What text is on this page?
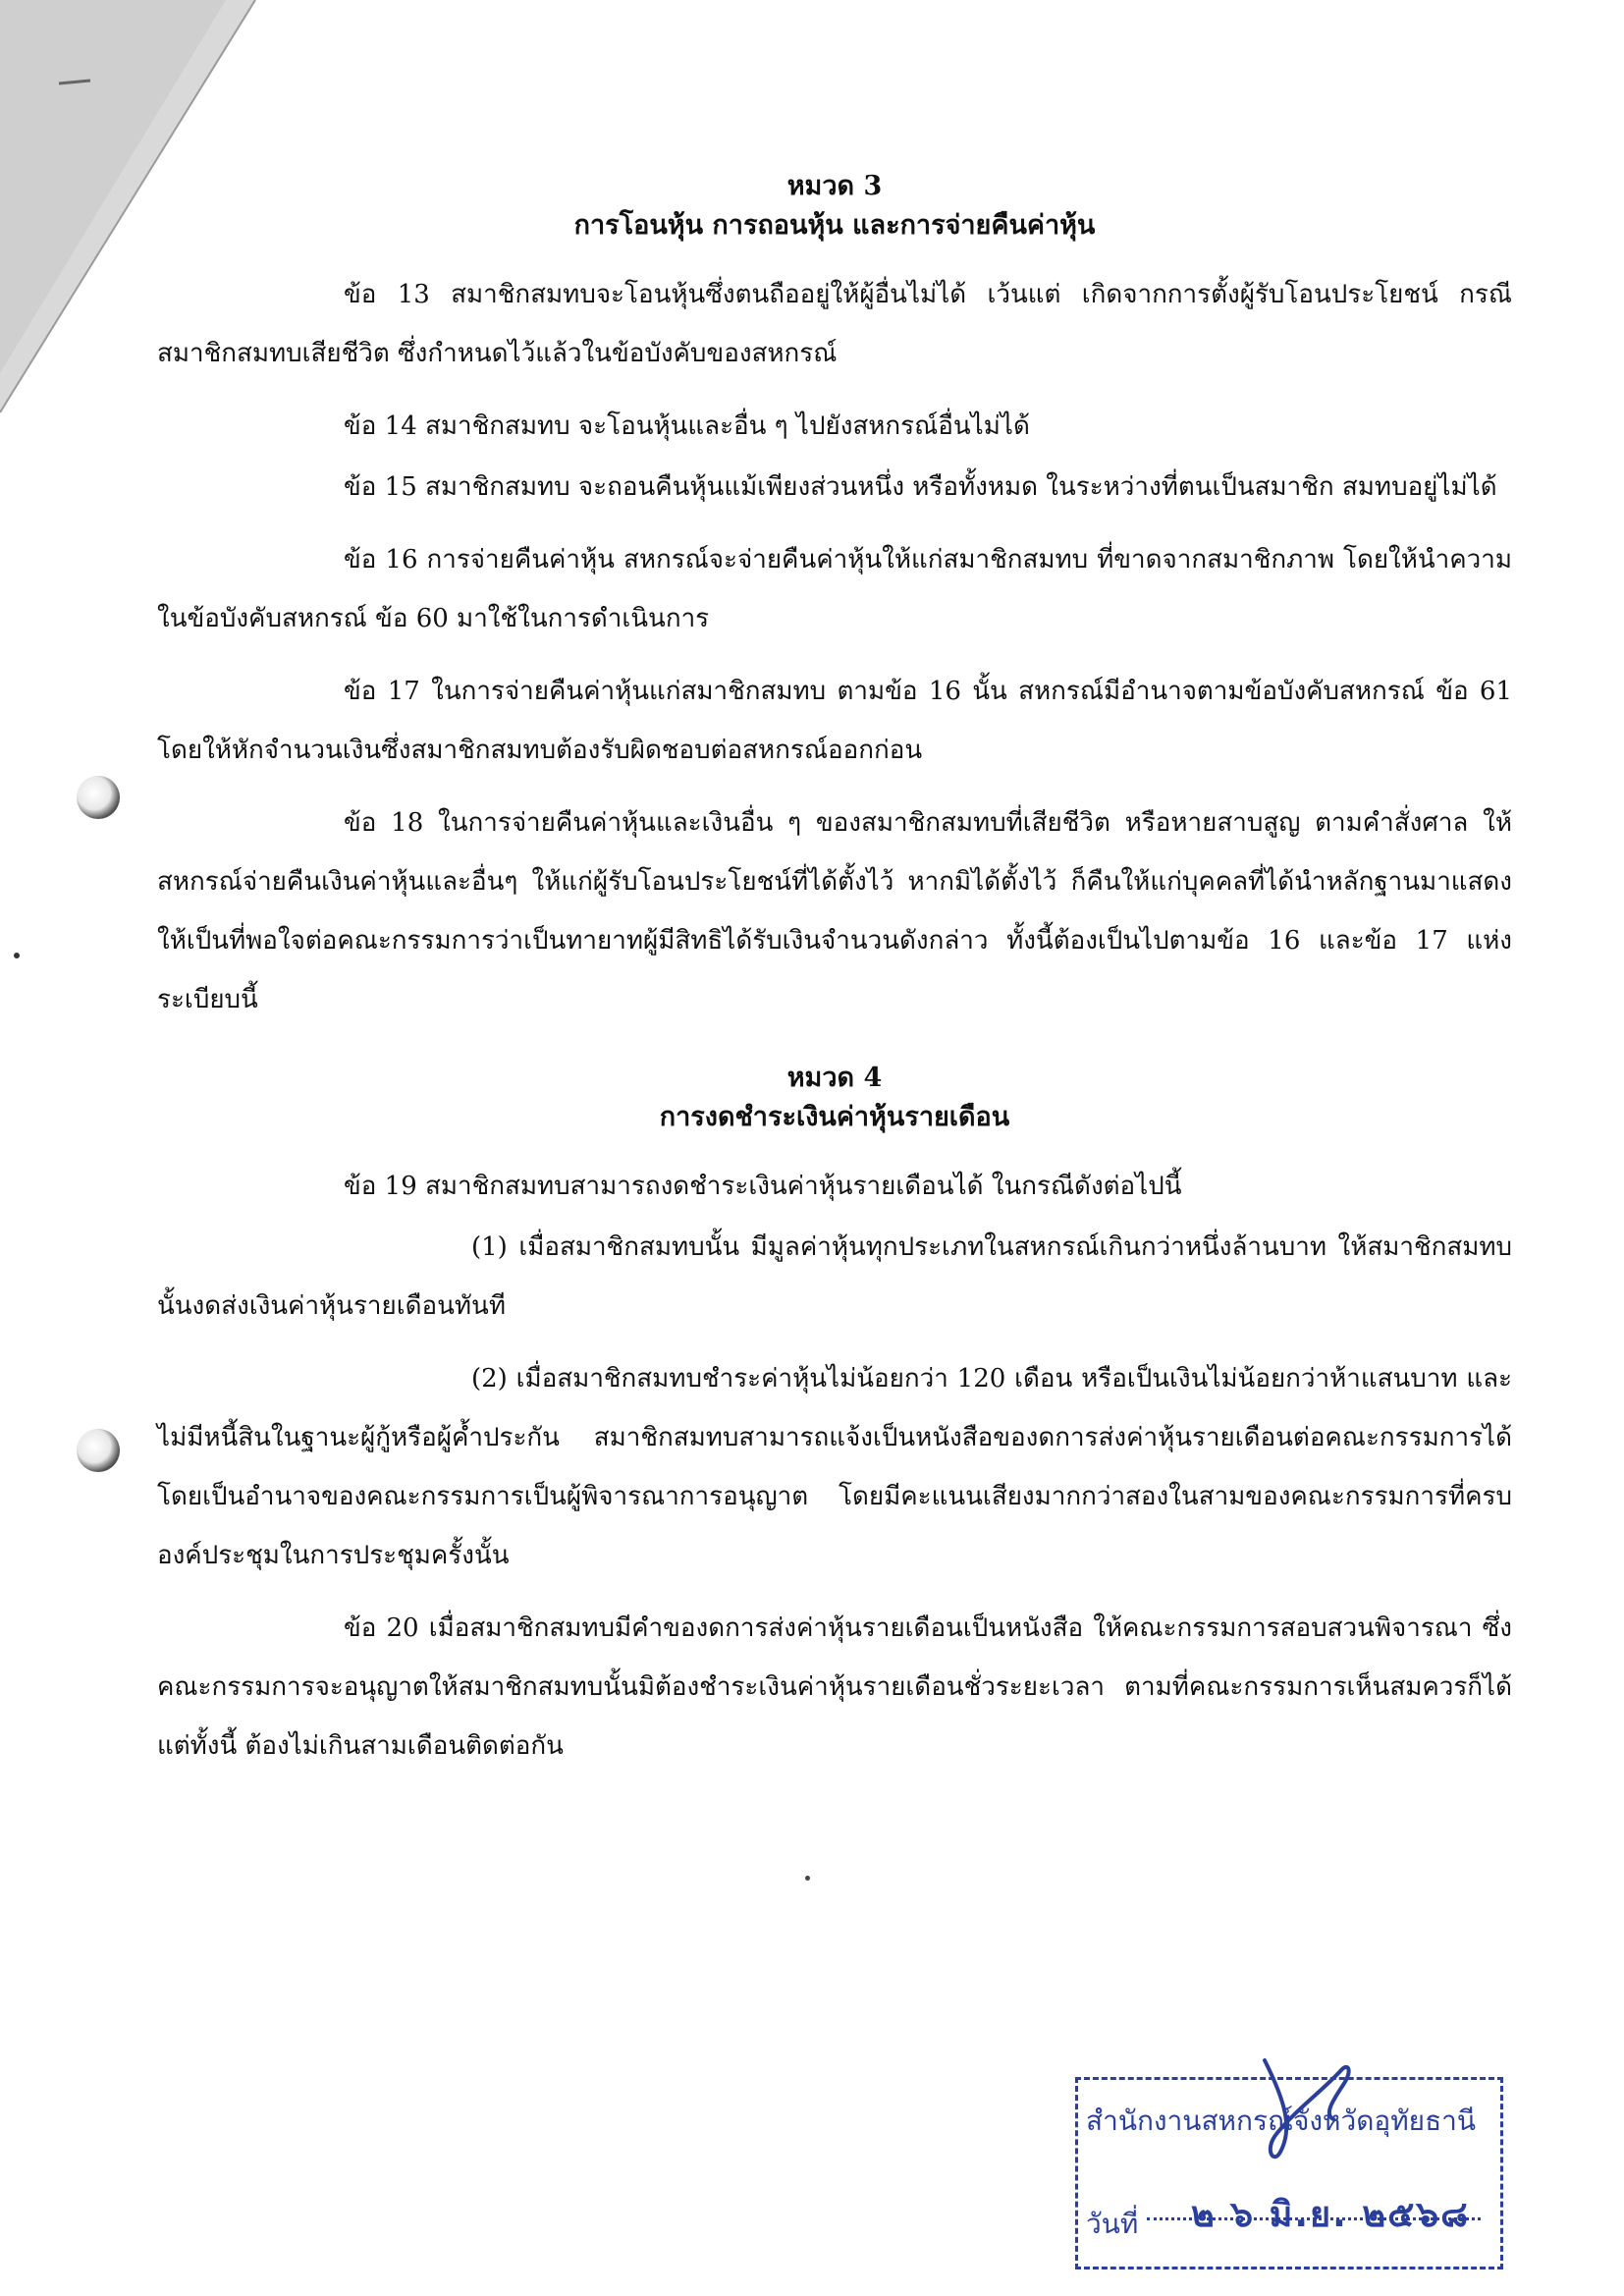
หมวด 3
การโอนหุ้น การถอนหุ้น และการจ่ายคืนค่าหุ้น

ข้อ 13 สมาชิกสมทบจะโอนหุ้นซึ่งตนถืออยู่ให้ผู้อื่นไม่ได้ เว้นแต่ เกิดจากการตั้งผู้รับโอนประโยชน์ กรณีสมาชิกสมทบเสียชีวิต ซึ่งกำหนดไว้แล้วในข้อบังคับของสหกรณ์

ข้อ 14 สมาชิกสมทบ จะโอนหุ้นและอื่น ๆ ไปยังสหกรณ์อื่นไม่ได้

ข้อ 15 สมาชิกสมทบ จะถอนคืนหุ้นแม้เพียงส่วนหนึ่ง หรือทั้งหมด ในระหว่างที่ตนเป็นสมาชิก สมทบอยู่ไม่ได้

ข้อ 16 การจ่ายคืนค่าหุ้น สหกรณ์จะจ่ายคืนค่าหุ้นให้แก่สมาชิกสมทบ ที่ขาดจากสมาชิกภาพ โดยให้นำความในข้อบังคับสหกรณ์ ข้อ 60 มาใช้ในการดำเนินการ

ข้อ 17 ในการจ่ายคืนค่าหุ้นแก่สมาชิกสมทบ ตามข้อ 16 นั้น สหกรณ์มีอำนาจตามข้อบังคับสหกรณ์ ข้อ 61 โดยให้หักจำนวนเงินซึ่งสมาชิกสมทบต้องรับผิดชอบต่อสหกรณ์ออกก่อน

ข้อ 18 ในการจ่ายคืนค่าหุ้นและเงินอื่น ๆ ของสมาชิกสมทบที่เสียชีวิต หรือหายสาบสูญ ตามคำสั่งศาล ให้สหกรณ์จ่ายคืนเงินค่าหุ้นและอื่นๆ ให้แก่ผู้รับโอนประโยชน์ที่ได้ตั้งไว้ หากมิได้ตั้งไว้ ก็คืนให้แก่บุคคลที่ได้นำหลักฐานมาแสดงให้เป็นที่พอใจต่อคณะกรรมการว่าเป็นทายาทผู้มีสิทธิได้รับเงินจำนวนดังกล่าว ทั้งนี้ต้องเป็นไปตามข้อ 16 และข้อ 17 แห่งระเบียบนี้

หมวด 4
การงดชำระเงินค่าหุ้นรายเดือน

ข้อ 19 สมาชิกสมทบสามารถงดชำระเงินค่าหุ้นรายเดือนได้ ในกรณีดังต่อไปนี้

(1) เมื่อสมาชิกสมทบนั้น มีมูลค่าหุ้นทุกประเภทในสหกรณ์เกินกว่าหนึ่งล้านบาท ให้สมาชิกสมทบนั้นงดส่งเงินค่าหุ้นรายเดือนทันที

(2) เมื่อสมาชิกสมทบชำระค่าหุ้นไม่น้อยกว่า 120 เดือน หรือเป็นเงินไม่น้อยกว่าห้าแสนบาท และไม่มีหนี้สินในฐานะผู้กู้หรือผู้ค้ำประกัน สมาชิกสมทบสามารถแจ้งเป็นหนังสือของดการส่งค่าหุ้นรายเดือนต่อคณะกรรมการได้ โดยเป็นอำนาจของคณะกรรมการเป็นผู้พิจารณาการอนุญาต โดยมีคะแนนเสียงมากกว่าสองในสามของคณะกรรมการที่ครบองค์ประชุมในการประชุมครั้งนั้น

ข้อ 20 เมื่อสมาชิกสมทบมีคำของดการส่งค่าหุ้นรายเดือนเป็นหนังสือ ให้คณะกรรมการสอบสวนพิจารณา ซึ่งคณะกรรมการจะอนุญาตให้สมาชิกสมทบนั้นมิต้องชำระเงินค่าหุ้นรายเดือนชั่วระยะเวลา ตามที่คณะกรรมการเห็นสมควรก็ได้ แต่ทั้งนี้ ต้องไม่เกินสามเดือนติดต่อกัน

สำนักงานสหกรณ์จังหวัดอุทัยธานี
วันที่ ๒ ๖ มิ.ย. ๒๕๖๘
